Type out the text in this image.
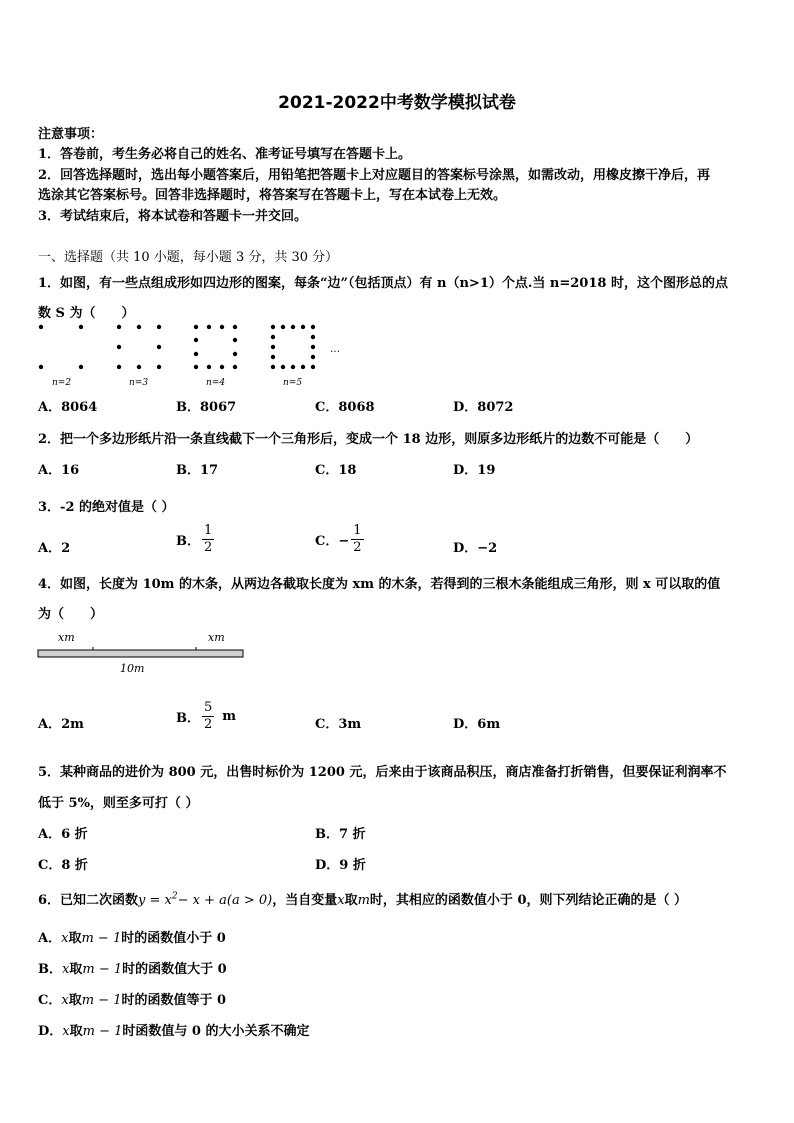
2021-2022中考数学模拟试卷
注意事项：
1．答卷前，考生务必将自己的姓名、准考证号填写在答题卡上。
2．回答选择题时，选出每小题答案后，用铅笔把答题卡上对应题目的答案标号涂黑，如需改动，用橡皮擦干净后，再
选涂其它答案标号。回答非选择题时，将答案写在答题卡上，写在本试卷上无效。
3．考试结束后，将本试卷和答题卡一并交回。
一、选择题（共 10 小题，每小题 3 分，共 30 分）
1．如图，有一些点组成形如四边形的图案，每条“边”（包括顶点）有 n（n>1）个点.当 n=2018 时，这个图形总的点
数 S 为（　　）
…
n=2	n=3	n=4	n=5
A．8064	B．8067	C．8068	D．8072
2．把一个多边形纸片沿一条直线截下一个三角形后，变成一个 18 边形，则原多边形纸片的边数不可能是（　　）
A．16	B．17	C．18	D．19
3．-2 的绝对值是（ ）
A．2	B． $\frac{1}{2}$	C．− $\frac{1}{2}$	D．−2
4．如图，长度为 10m 的木条，从两边各截取长度为 xm 的木条，若得到的三根木条能组成三角形，则 x 可以取的值
为（　　）
xm	xm
10m
A．2m	B． $\frac{5}{2}$ m
C．3m	D．6m
5．某种商品的进价为 800 元，出售时标价为 1200 元，后来由于该商品积压，商店准备打折销售，但要保证利润率不
低于 5%，则至多可打（ ）
A．6 折	B．7 折
C．8 折	D．9 折
6．已知二次函数$y = x^2- x + a(a > 0)$，当自变量x取m时，其相应的函数值小于 0，则下列结论正确的是（ ）
A．x取m − 1时的函数值小于 0
B．x取m − 1时的函数值大于 0
C．x取m − 1时的函数值等于 0
D．x取m − 1时函数值与 0 的大小关系不确定
